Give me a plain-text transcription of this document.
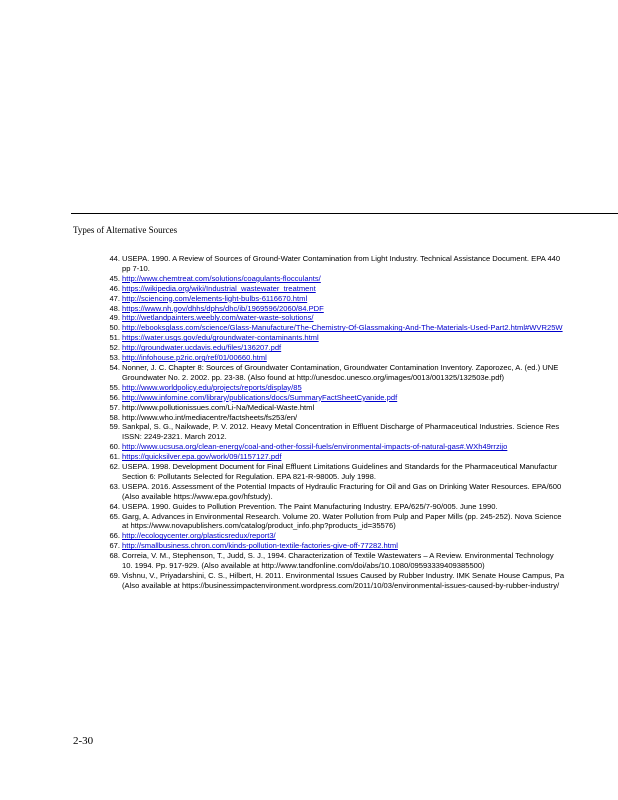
Types of Alternative Sources
44. USEPA. 1990. A Review of Sources of Ground-Water Contamination from Light Industry. Technical Assistance Document. EPA 440
pp 7-10.
45. http://www.chemtreat.com/solutions/coagulants-flocculants/
46. https://wikipedia.org/wiki/Industrial_wastewater_treatment
47. http://sciencing.com/elements-light-bulbs-6116670.html
48. https://www.nh.gov/dhhs/dphs/dhc/ib/1969596/2060/84.PDF
49. http://wetlandpainters.weebly.com/water-waste-solutions/
50. http://ebooksglass.com/science/Glass-Manufacture/The-Chemistry-Of-Glassmaking-And-The-Materials-Used-Part2.html#WVR25W
51. https://water.usgs.gov/edu/groundwater-contaminants.html
52. http://groundwater.ucdavis.edu/files/136207.pdf
53. http://infohouse.p2ric.org/ref/01/00660.html
54. Nonner, J. C. Chapter 8: Sources of Groundwater Contamination, Groundwater Contamination Inventory. Zaporozec, A. (ed.) UNE
Groundwater No. 2. 2002. pp. 23-38. (Also found at http://unesdoc.unesco.org/images/0013/001325/132503e.pdf)
55. http://www.worldpolicy.edu/projects/reports/display/85
56. http://www.infomine.com/library/publications/docs/SummaryFactSheetCyanide.pdf
57. http://www.pollutionissues.com/Li-Na/Medical-Waste.html
58. http://www.who.int/mediacentre/factsheets/fs253/en/
59. Sankpal, S. G., Naikwade, P. V. 2012. Heavy Metal Concentration in Effluent Discharge of Pharmaceutical Industries. Science Res
ISSN: 2249-2321. March 2012.
60. http://www.ucsusa.org/clean-energy/coal-and-other-fossil-fuels/environmental-impacts-of-natural-gas#.WXh49rrzijo
61. https://quicksilver.epa.gov/work/09/1157127.pdf
62. USEPA. 1998. Development Document for Final Effluent Limitations Guidelines and Standards for the Pharmaceutical Manufactur
Section 6: Pollutants Selected for Regulation. EPA 821-R-98005. July 1998.
63. USEPA. 2016. Assessment of the Potential Impacts of Hydraulic Fracturing for Oil and Gas on Drinking Water Resources. EPA/600
(Also available https://www.epa.gov/hfstudy).
64. USEPA. 1990. Guides to Pollution Prevention. The Paint Manufacturing Industry. EPA/625/7-90/005. June 1990.
65. Garg, A. Advances in Environmental Research. Volume 20. Water Pollution from Pulp and Paper Mills (pp. 245-252). Nova Science
at https://www.novapublishers.com/catalog/product_info.php?products_id=35576)
66. http://ecologycenter.org/plasticsredux/report3/
67. http://smallbusiness.chron.com/kinds-pollution-textile-factories-give-off-77282.html
68. Correia, V. M., Stephenson, T., Judd, S. J., 1994. Characterization of Textile Wastewaters – A Review. Environmental Technology
10. 1994. Pp. 917-929. (Also available at http://www.tandfonline.com/doi/abs/10.1080/09593339409385500)
69. Vishnu, V., Priyadarshini, C. S., Hilbert, H. 2011. Environmental Issues Caused by Rubber Industry. IMK Senate House Campus, Pa
(Also available at https://businessimpactenvironment.wordpress.com/2011/10/03/environmental-issues-caused-by-rubber-industry/
2-30
